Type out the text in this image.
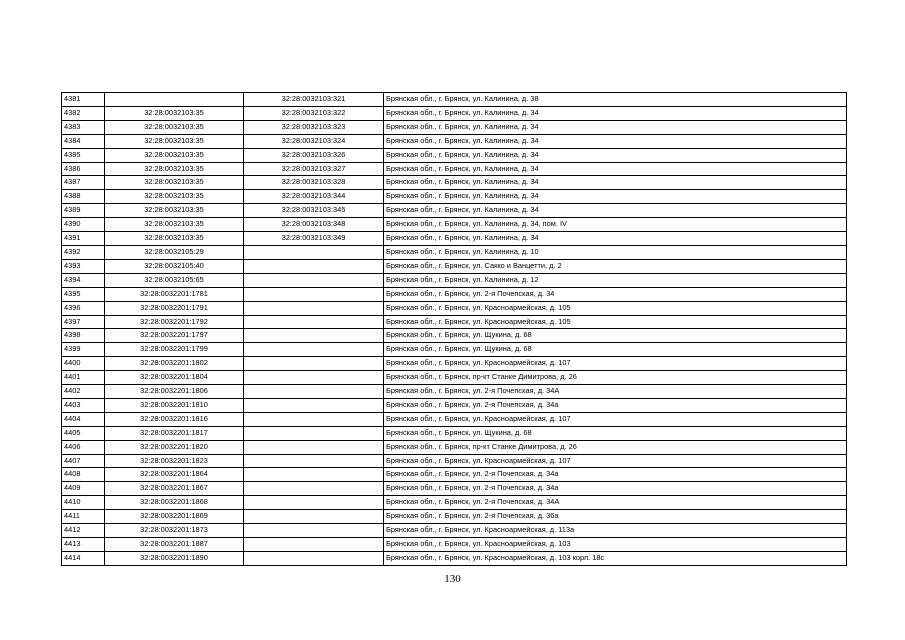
4381		32:28:0032103:321	Брянская обл., г. Брянск, ул. Калинина, д. 38
4382	32:28:0032103:35	32:28:0032103:322	Брянская обл., г. Брянск, ул. Калинина, д. 34
4383	32:28:0032103:35	32:28:0032103:323	Брянская обл., г. Брянск, ул. Калинина, д. 34
4384	32:28:0032103:35	32:28:0032103:324	Брянская обл., г. Брянск, ул. Калинина, д. 34
4385	32:28:0032103:35	32:28:0032103:326	Брянская обл., г. Брянск, ул. Калинина, д. 34
4386	32:28:0032103:35	32:28:0032103:327	Брянская обл., г. Брянск, ул. Калинина, д. 34
4387	32:28:0032103:35	32:28:0032103:328	Брянская обл., г. Брянск, ул. Калинина, д. 34
4388	32:28:0032103:35	32:28:0032103:344	Брянская обл., г. Брянск, ул. Калинина, д. 34
4389	32:28:0032103:35	32:28:0032103:345	Брянская обл., г. Брянск, ул. Калинина, д. 34
4390	32:28:0032103:35	32:28:0032103:348	Брянская обл., г. Брянск, ул. Калинина, д. 34, пом. IV
4391	32:28:0032103:35	32:28:0032103:349	Брянская обл., г. Брянск, ул. Калинина, д. 34
4392	32:28:0032105:29		Брянская обл., г. Брянск, ул. Калинина, д. 10
4393	32:28:0032105:40		Брянская обл., г. Брянск, ул. Сакко и Ванцетти, д. 2
4394	32:28:0032105:65		Брянская обл., г. Брянск, ул. Калинина, д. 12
4395	32:28:0032201:1781		Брянская обл., г. Брянск, ул. 2-я Почепская, д. 34
4396	32:28:0032201:1791		Брянская обл., г. Брянск, ул. Красноармейская, д. 105
4397	32:28:0032201:1792		Брянская обл., г. Брянск, ул. Красноармейская, д. 105
4398	32:28:0032201:1797		Брянская обл., г. Брянск, ул. Щукина, д. 68
4399	32:28:0032201:1799		Брянская обл., г. Брянск, ул. Щукина, д. 68
4400	32:28:0032201:1802		Брянская обл., г. Брянск, ул. Красноармейская, д. 107
4401	32:28:0032201:1804		Брянская обл., г. Брянск, пр-кт Станке Димитрова, д. 26
4402	32:28:0032201:1806		Брянская обл., г. Брянск, ул. 2-я Почепская, д. 34А
4403	32:28:0032201:1810		Брянская обл., г. Брянск, ул. 2-я Почепская, д. 34а
4404	32:28:0032201:1816		Брянская обл., г. Брянск, ул. Красноармейская, д. 107
4405	32:28:0032201:1817		Брянская обл., г. Брянск, ул. Щукина, д. 68
4406	32:28:0032201:1820		Брянская обл., г. Брянск, пр-кт Станке Димитрова, д. 26
4407	32:28:0032201:1823		Брянская обл., г. Брянск, ул. Красноармейская, д. 107
4408	32:28:0032201:1864		Брянская обл., г. Брянск, ул. 2-я Почепская, д. 34а
4409	32:28:0032201:1867		Брянская обл., г. Брянск, ул. 2-я Почепская, д. 34а
4410	32:28:0032201:1868		Брянская обл., г. Брянск, ул. 2-я Почепская, д. 34А
4411	32:28:0032201:1869		Брянская обл., г. Брянск, ул. 2-я Почепская, д. 36а
4412	32:28:0032201:1873		Брянская обл., г. Брянск, ул. Красноармейская, д. 113а
4413	32:28:0032201:1887		Брянская обл., г. Брянск, ул. Красноармейская, д. 103
4414	32:28:0032201:1890		Брянская обл., г. Брянск, ул. Красноармейская, д. 103 корп. 18с
130
